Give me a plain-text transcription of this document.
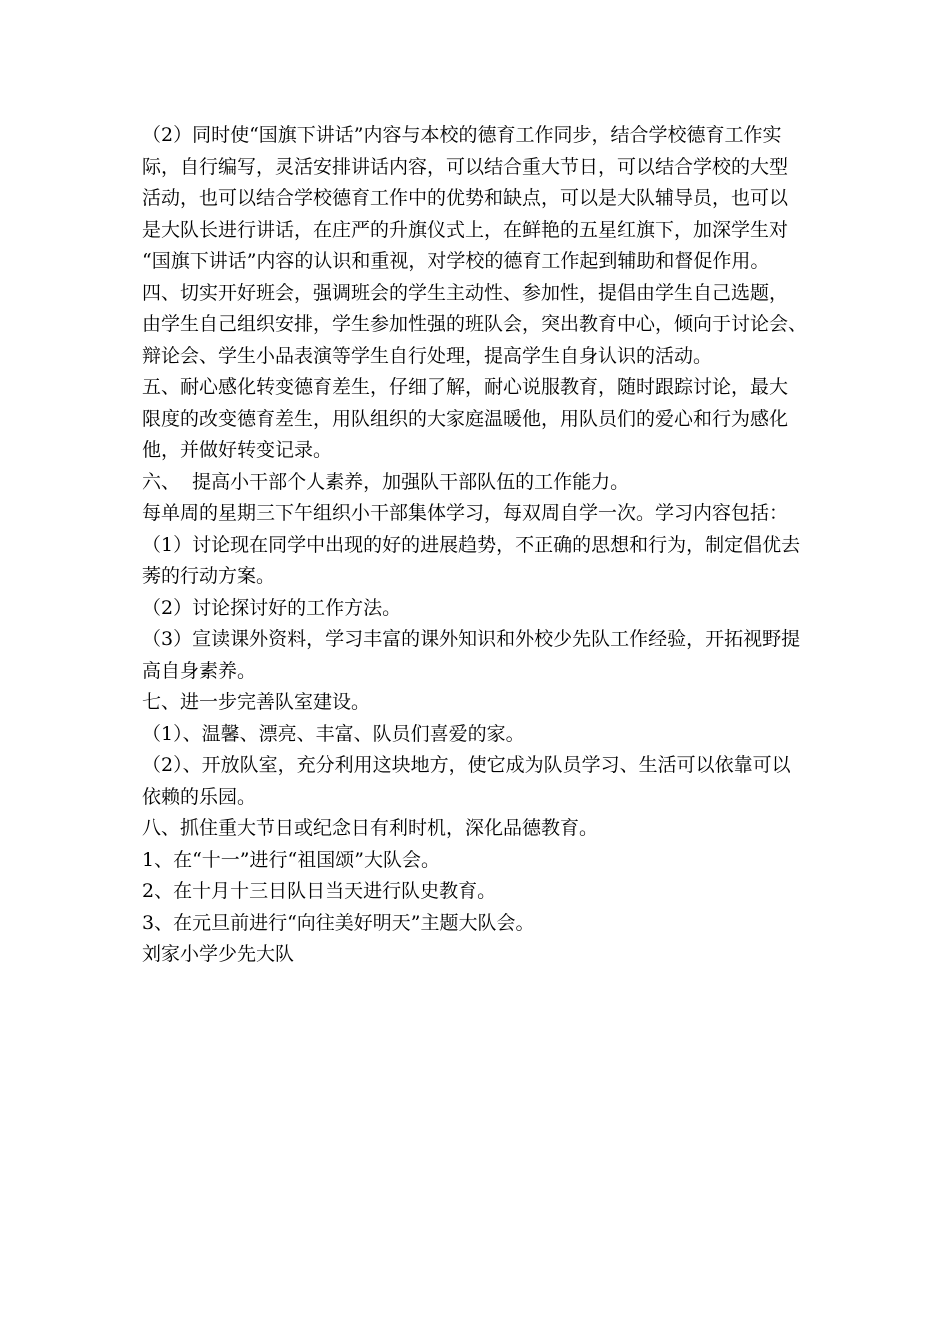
（2）同时使“国旗下讲话”内容与本校的德育工作同步，结合学校德育工作实
际，自行编写，灵活安排讲话内容，可以结合重大节日，可以结合学校的大型
活动，也可以结合学校德育工作中的优势和缺点，可以是大队辅导员，也可以
是大队长进行讲话，在庄严的升旗仪式上，在鲜艳的五星红旗下，加深学生对
“国旗下讲话”内容的认识和重视，对学校的德育工作起到辅助和督促作用。

四、切实开好班会，强调班会的学生主动性、参加性，提倡由学生自己选题，
由学生自己组织安排，学生参加性强的班队会，突出教育中心，倾向于讨论会、
辩论会、学生小品表演等学生自行处理，提高学生自身认识的活动。

五、耐心感化转变德育差生，仔细了解，耐心说服教育，随时跟踪讨论，最大
限度的改变德育差生，用队组织的大家庭温暖他，用队员们的爱心和行为感化
他，并做好转变记录。

六、  提高小干部个人素养，加强队干部队伍的工作能力。

每单周的星期三下午组织小干部集体学习，每双周自学一次。学习内容包括：

（1）讨论现在同学中出现的好的进展趋势，不正确的思想和行为，制定倡优去
莠的行动方案。

（2）讨论探讨好的工作方法。

（3）宣读课外资料，学习丰富的课外知识和外校少先队工作经验，开拓视野提
高自身素养。

七、进一步完善队室建设。

（1）、温馨、漂亮、丰富、队员们喜爱的家。

（2）、开放队室，充分利用这块地方，使它成为队员学习、生活可以依靠可以
依赖的乐园。

八、抓住重大节日或纪念日有利时机，深化品德教育。

1、在“十一”进行“祖国颂”大队会。

2、在十月十三日队日当天进行队史教育。

3、在元旦前进行“向往美好明天”主题大队会。

刘家小学少先大队
